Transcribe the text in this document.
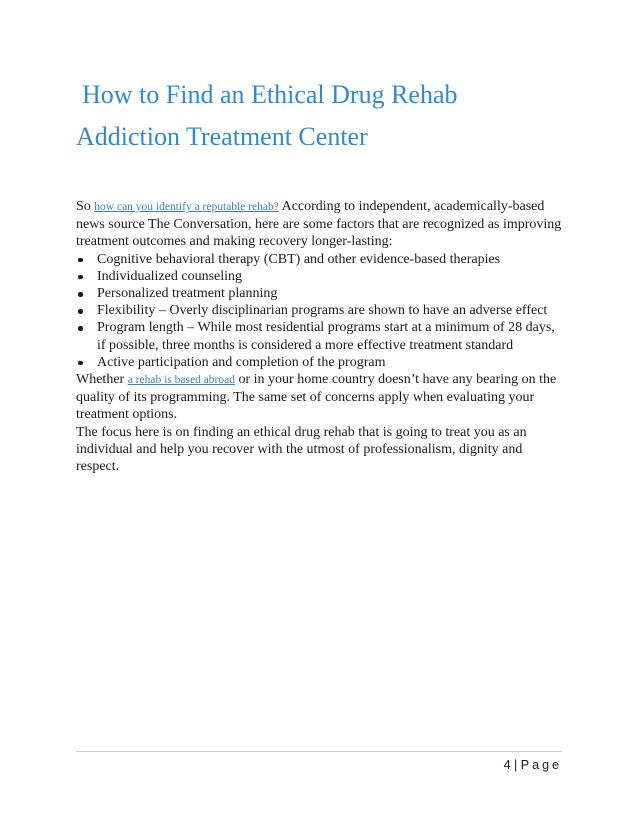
How to Find an Ethical Drug Rehab
Addiction Treatment Center

So how can you identify a reputable rehab? According to independent, academically-based news source The Conversation, here are some factors that are recognized as improving treatment outcomes and making recovery longer-lasting:

Cognitive behavioral therapy (CBT) and other evidence-based therapies
Individualized counseling
Personalized treatment planning
Flexibility – Overly disciplinarian programs are shown to have an adverse effect
Program length – While most residential programs start at a minimum of 28 days, if possible, three months is considered a more effective treatment standard
Active participation and completion of the program

Whether a rehab is based abroad or in your home country doesn’t have any bearing on the quality of its programming. The same set of concerns apply when evaluating your treatment options.

The focus here is on finding an ethical drug rehab that is going to treat you as an individual and help you recover with the utmost of professionalism, dignity and respect.

4 | Page
